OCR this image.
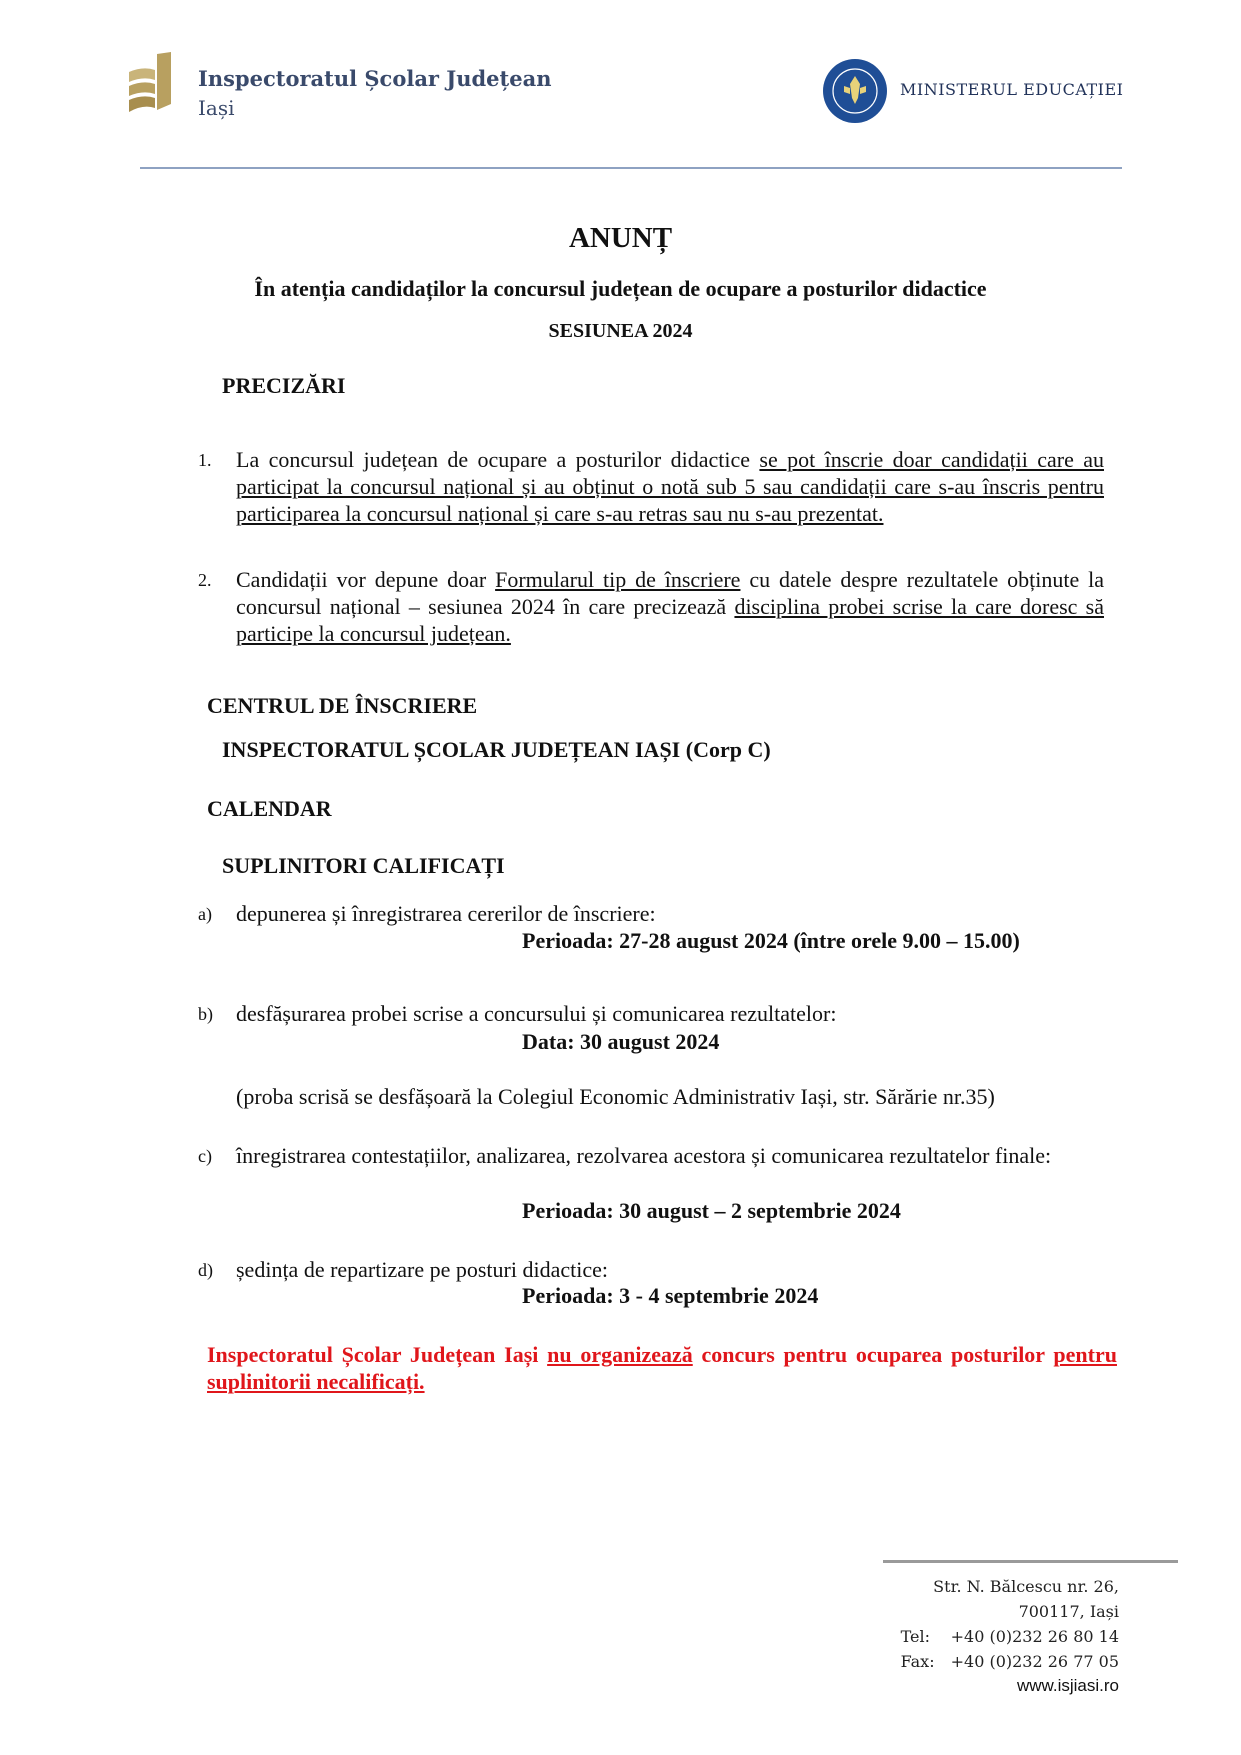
Inspectoratul Școlar Județean
Iași
MINISTERUL EDUCAȚIEI
ANUNȚ
În atenția candidaților la concursul județean de ocupare a posturilor didactice
SESIUNEA 2024
PRECIZĂRI
1. La concursul județean de ocupare a posturilor didactice se pot înscrie doar candidații care au participat la concursul național și au obținut o notă sub 5 sau candidații care s-au înscris pentru participarea la concursul național și care s-au retras sau nu s-au prezentat.
2. Candidații vor depune doar Formularul tip de înscriere cu datele despre rezultatele obținute la concursul național – sesiunea 2024 în care precizează disciplina probei scrise la care doresc să participe la concursul județean.
CENTRUL DE ÎNSCRIERE
INSPECTORATUL ȘCOLAR JUDEȚEAN IAȘI (Corp C)
CALENDAR
SUPLINITORI CALIFICAȚI
a) depunerea și înregistrarea cererilor de înscriere:
Perioada: 27-28 august 2024 (între orele 9.00 – 15.00)
b) desfășurarea probei scrise a concursului și comunicarea rezultatelor:
Data: 30 august 2024
(proba scrisă se desfășoară la Colegiul Economic Administrativ Iași, str. Sărărie nr.35)
c) înregistrarea contestațiilor, analizarea, rezolvarea acestora și comunicarea rezultatelor finale:
Perioada: 30 august – 2 septembrie 2024
d) ședința de repartizare pe posturi didactice:
Perioada: 3 - 4 septembrie 2024
Inspectoratul Școlar Județean Iași nu organizează concurs pentru ocuparea posturilor pentru suplinitorii necalificați.
Str. N. Bălcescu nr. 26,
700117, Iași
Tel: +40 (0)232 26 80 14
Fax: +40 (0)232 26 77 05
www.isjiasi.ro
